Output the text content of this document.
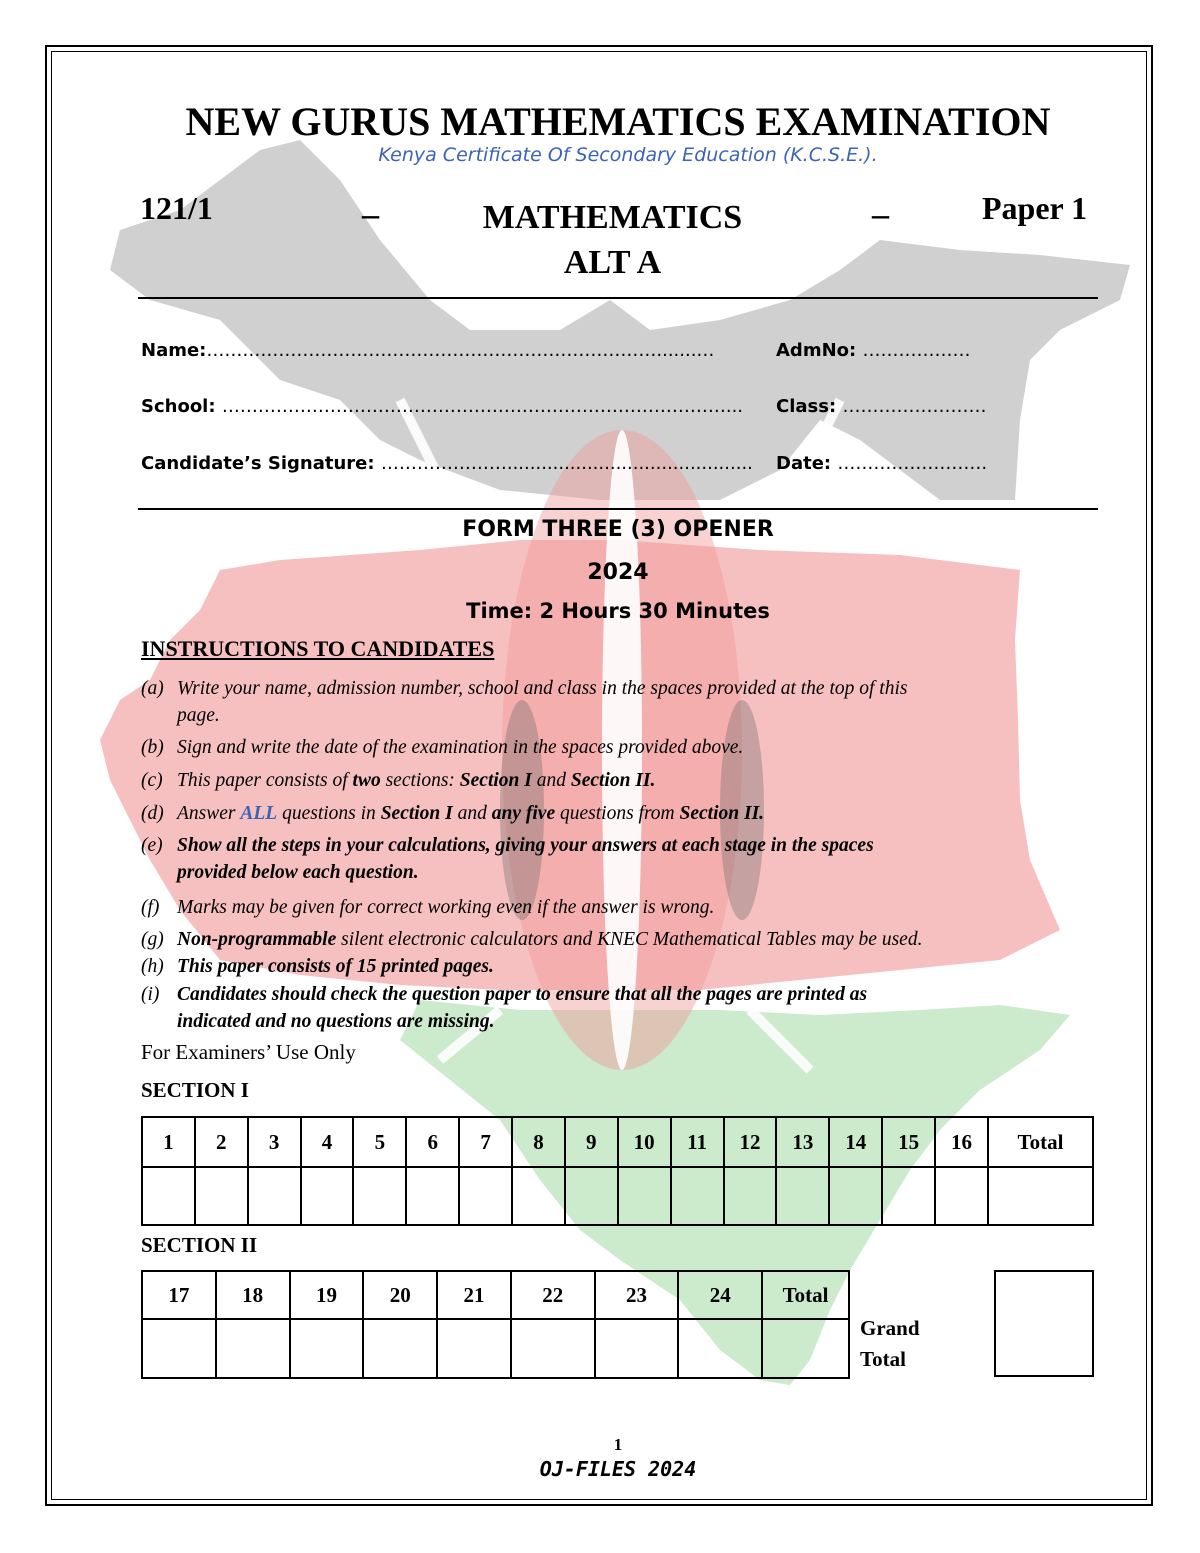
NEW GURUS MATHEMATICS EXAMINATION
Kenya Certificate Of Secondary Education (K.C.S.E.).
121/1	_	MATHEMATICS
ALT A
_	Paper 1
Name:………………………………………………………………….......…	AdmNo: ………………
School: …………………………………………………………………………... Class: ……………………
Candidate’s Signature: …………………........................................... Date: …………………….
FORM THREE (3) OPENER
2024
Time: 2 Hours 30 Minutes
INSTRUCTIONS TO CANDIDATES
(a) Write your name, admission number, school and class in the spaces provided at the top of this
page.
(b) Sign and write the date of the examination in the spaces provided above.
(c) This paper consists of two sections: Section I and Section II.
(d) Answer ALL questions in Section I and any five questions from Section II.
(e) Show all the steps in your calculations, giving your answers at each stage in the spaces
provided below each question.
(f) Marks may be given for correct working even if the answer is wrong.
(g) Non-programmable silent electronic calculators and KNEC Mathematical Tables may be used.
(h) This paper consists of 15 printed pages.
(i) Candidates should check the question paper to ensure that all the pages are printed as
indicated and no questions are missing.
For Examiners’ Use Only
SECTION I
1	2	3	4	5	6	7	8	9	10	11	12	13	14	15	16	Total

SECTION II
17	18	19	20	21	22	23	24	Total

Grand
Total
1
OJ-FILES 2024
